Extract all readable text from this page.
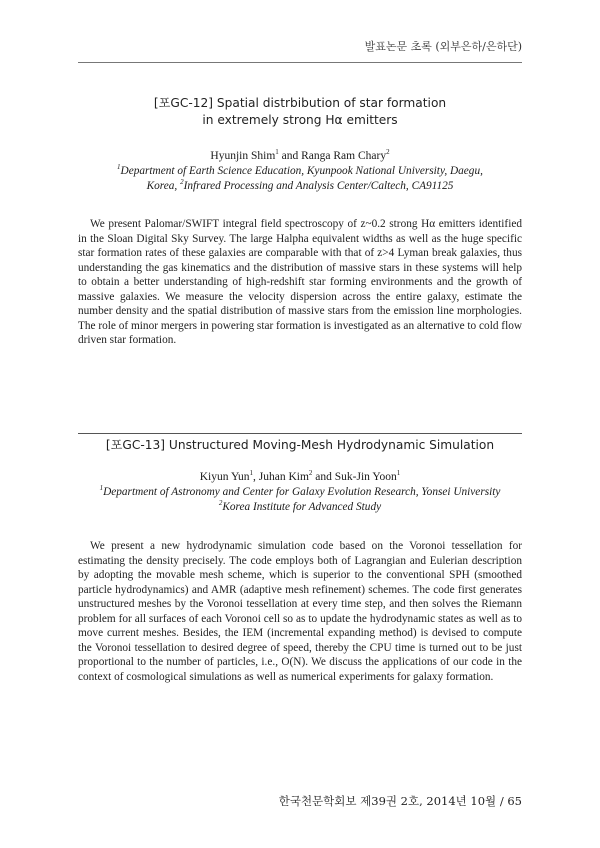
발표논문 초록 (외부은하/은하단)
[포GC-12] Spatial distrbibution of star formation
in extremely strong Hα emitters
Hyunjin Shim$^1$ and Ranga Ram Chary$^2$
$^1$Department of Earth Science Education, Kyunpook National University, Daegu,
Korea, $^2$Infrared Processing and Analysis Center/Caltech, CA91125
We present Palomar/SWIFT integral field spectroscopy of z~0.2 strong Hα emitters identified in the Sloan Digital Sky Survey. The large Halpha equivalent widths as well as the huge specific star formation rates of these galaxies are comparable with that of z>4 Lyman break galaxies, thus understanding the gas kinematics and the distribution of massive stars in these systems will help to obtain a better understanding of high-redshift star forming environments and the growth of massive galaxies. We measure the velocity dispersion across the entire galaxy, estimate the number density and the spatial distribution of massive stars from the emission line morphologies. The role of minor mergers in powering star formation is investigated as an alternative to cold flow driven star formation.
[포GC-13] Unstructured Moving-Mesh Hydrodynamic Simulation
Kiyun Yun$^1$, Juhan Kim$^2$ and Suk-Jin Yoon$^1$
$^1$Department of Astronomy and Center for Galaxy Evolution Research, Yonsei University
$^2$Korea Institute for Advanced Study
We present a new hydrodynamic simulation code based on the Voronoi tessellation for estimating the density precisely. The code employs both of Lagrangian and Eulerian description by adopting the movable mesh scheme, which is superior to the conventional SPH (smoothed particle hydrodynamics) and AMR (adaptive mesh refinement) schemes. The code first generates unstructured meshes by the Voronoi tessellation at every time step, and then solves the Riemann problem for all surfaces of each Voronoi cell so as to update the hydrodynamic states as well as to move current meshes. Besides, the IEM (incremental expanding method) is devised to compute the Voronoi tessellation to desired degree of speed, thereby the CPU time is turned out to be just proportional to the number of particles, i.e., O(N). We discuss the applications of our code in the context of cosmological simulations as well as numerical experiments for galaxy formation.
한국천문학회보 제39권 2호, 2014년 10월 / 65
